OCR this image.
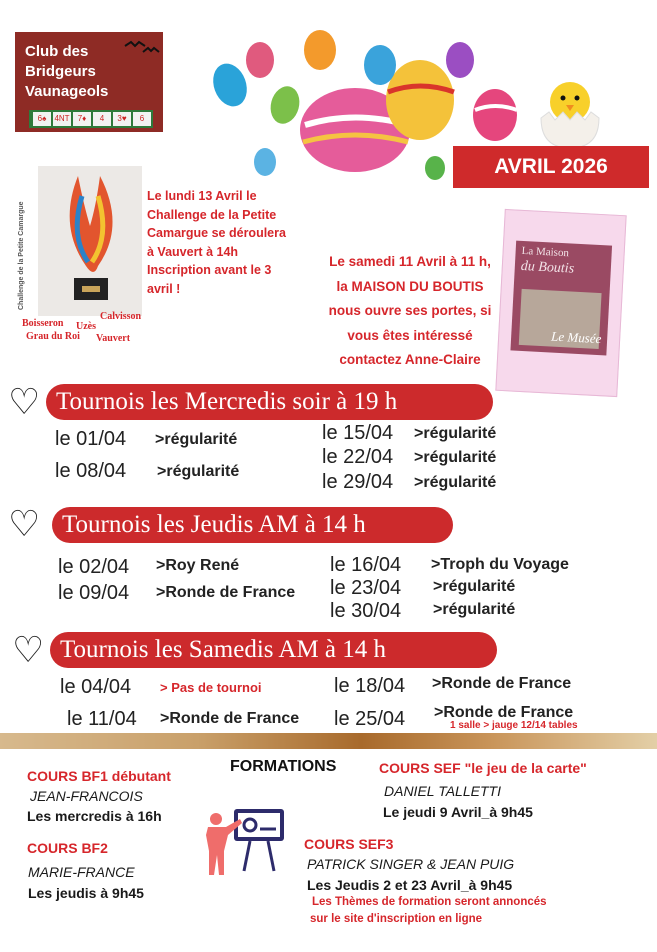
Club des
Bridgeurs
Vaunageols
6♠	4NT	7♦	4	3♥	6
AVRIL 2026
Challenge de la Petite Camargue
Calvisson
Boisseron Uzès
Grau du Roi Vauvert
Le lundi 13 Avril le
Challenge de la Petite
Camargue se déroulera
à Vauvert à 14h
Inscription avant le 3
avril !
Le samedi 11 Avril à 11 h,
la MAISON DU BOUTIS
nous ouvre ses portes, si
vous êtes intéressé
contactez Anne-Claire
La Maison
du Boutis
Le Musée
♡ Tournois les Mercredis soir à 19 h
le 01/04 >régularité
le 08/04 >régularité
le 15/04 >régularité
le 22/04 >régularité
le 29/04 >régularité
♡ Tournois les Jeudis AM à 14 h
le 02/04 >Roy René
le 09/04 >Ronde de France
le 16/04 >Troph du Voyage
le 23/04 >régularité
le 30/04 >régularité
♡ Tournois les Samedis AM à 14 h
le 04/04 > Pas de tournoi
le 11/04 >Ronde de France
le 18/04 >Ronde de France
le 25/04 >Ronde de France
1 salle > jauge 12/14 tables
FORMATIONS
COURS BF1 débutant
JEAN-FRANCOIS
Les mercredis à 16h
COURS BF2
MARIE-FRANCE
Les jeudis à 9h45
COURS SEF "le jeu de la carte"
DANIEL TALLETTI
Le jeudi 9 Avril_à 9h45
COURS SEF3
PATRICK SINGER & JEAN PUIG
Les Jeudis 2 et 23 Avril_à 9h45
Les Thèmes de formation seront annoncés
sur le site d'inscription en ligne
